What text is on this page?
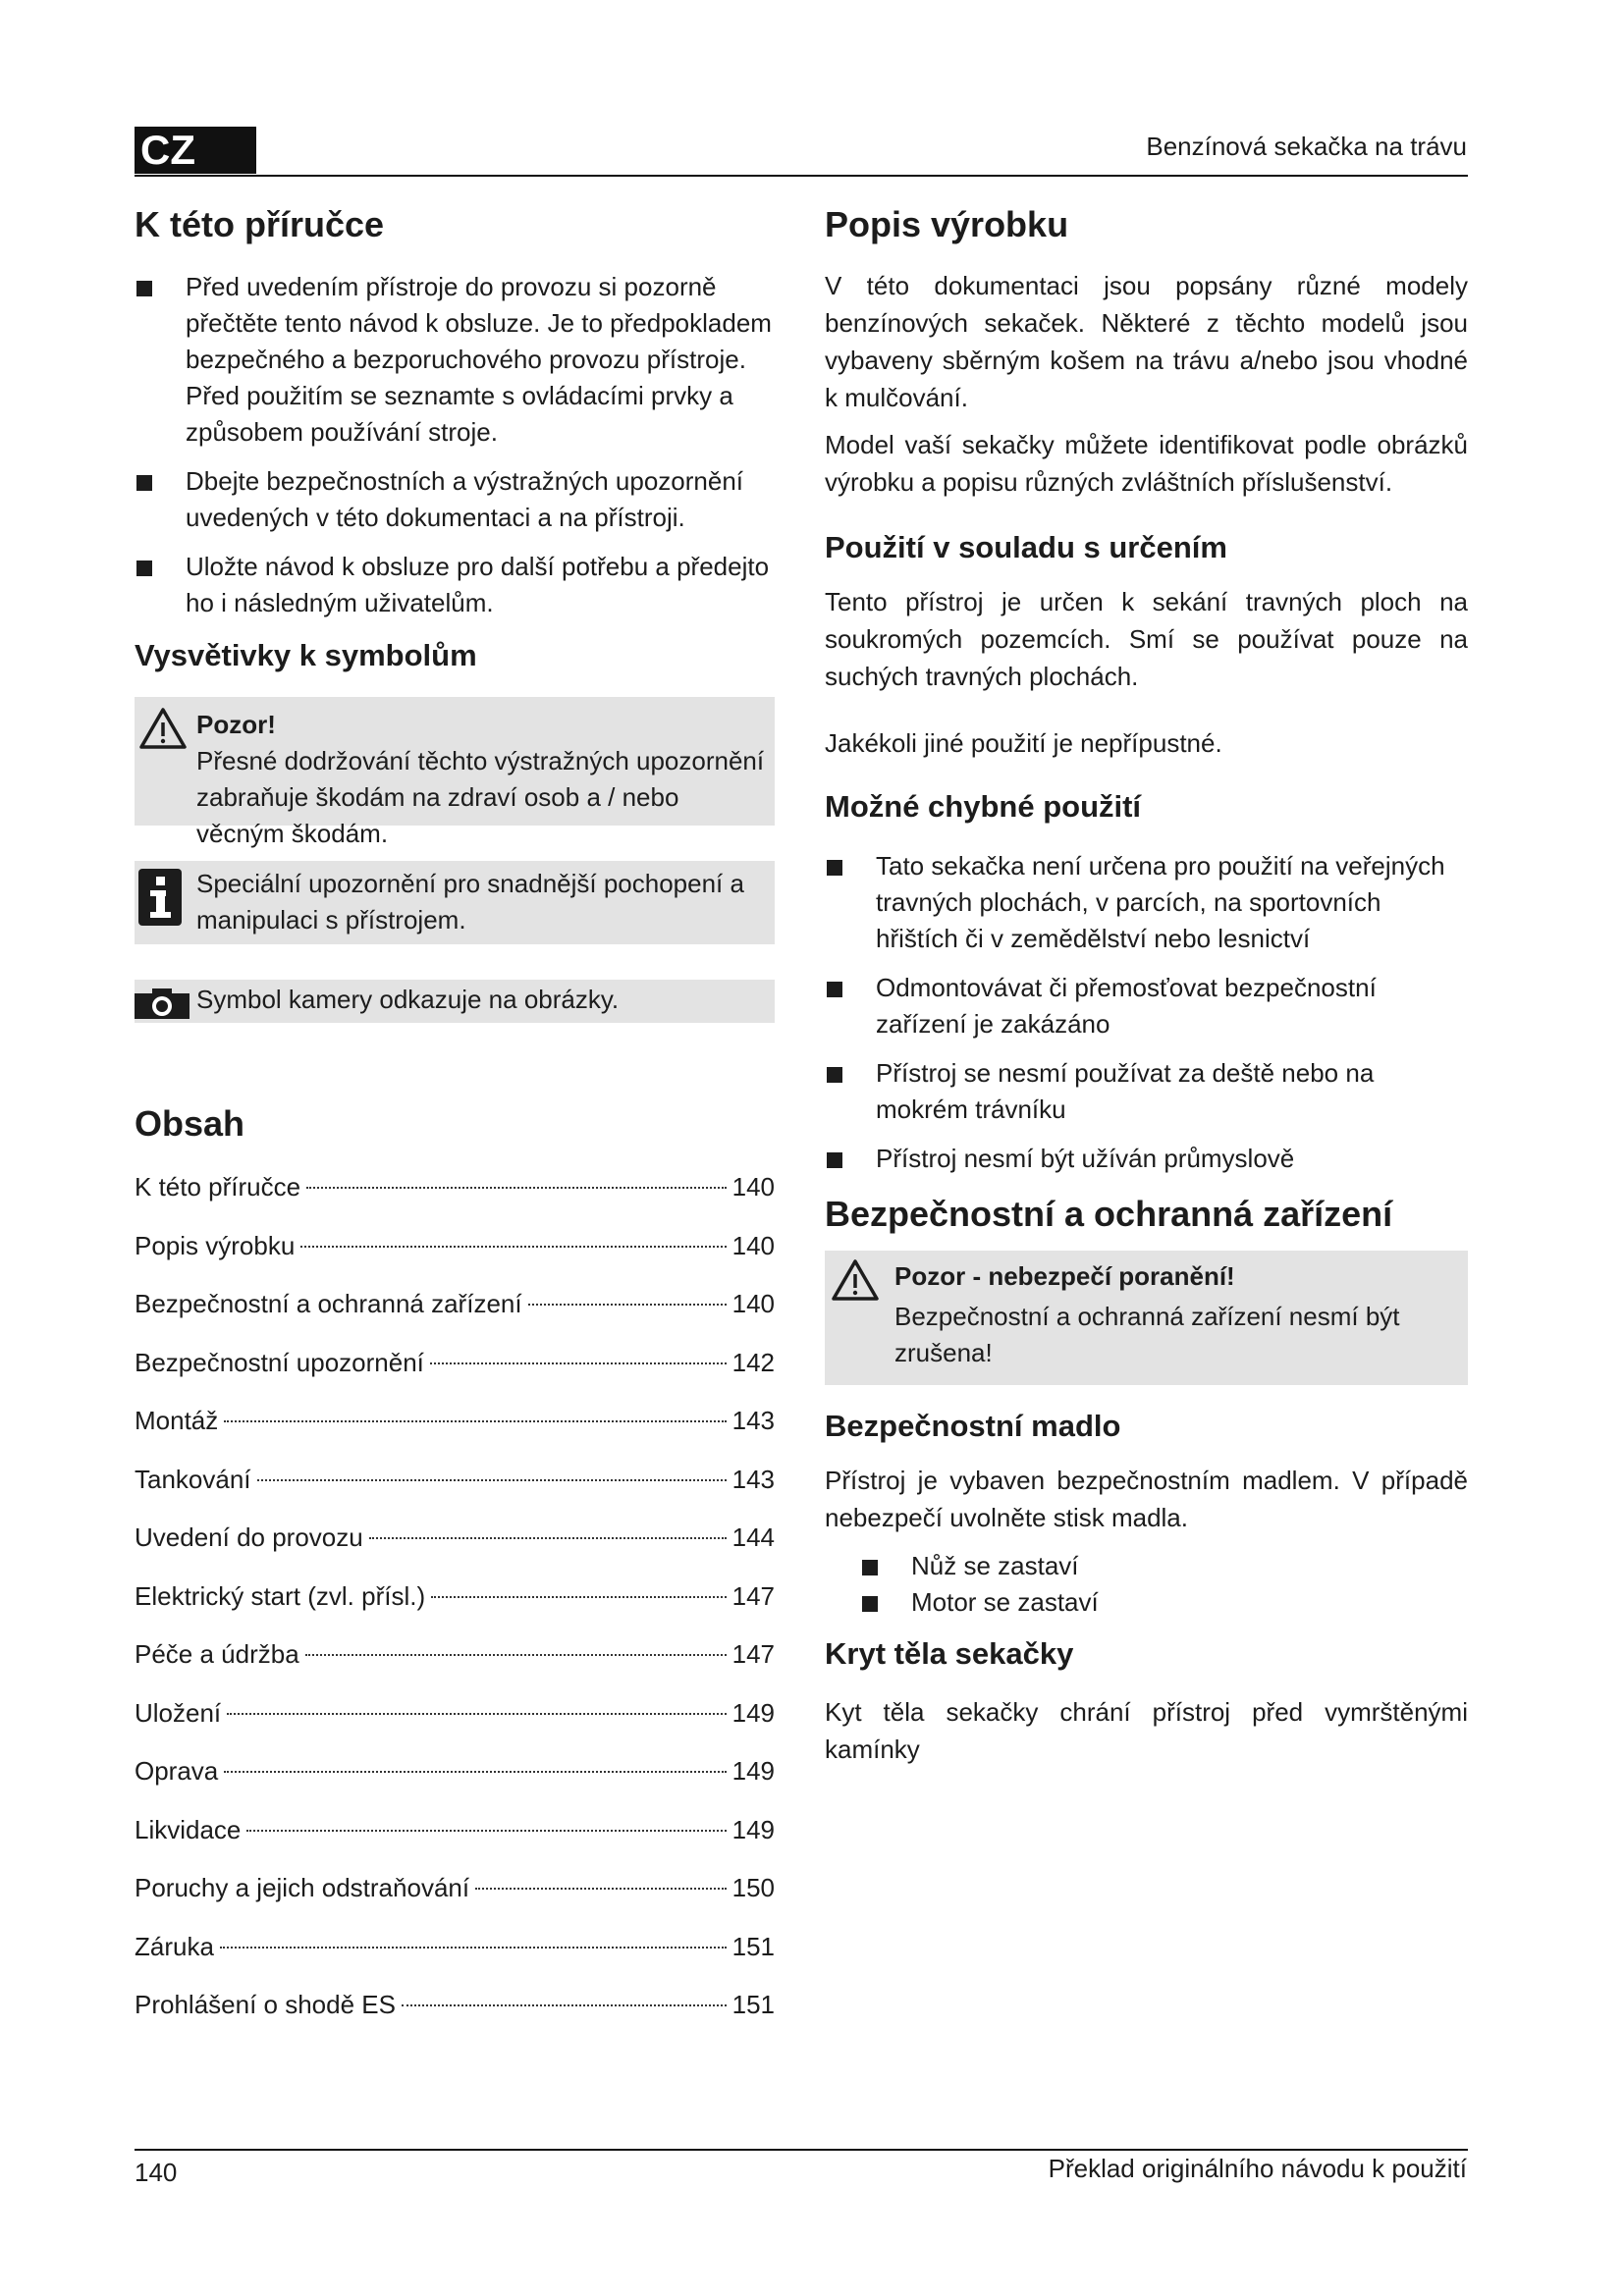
CZ	Benzínová sekačka na trávu
K této příručce
Před uvedením přístroje do provozu si pozorně přečtěte tento návod k obsluze. Je to předpokladem bezpečného a bezporuchového provozu přístroje. Před použitím se seznamte s ovládacími prvky a způsobem používání stroje.
Dbejte bezpečnostních a výstražných upozornění uvedených v této dokumentaci a na přístroji.
Uložte návod k obsluze pro další potřebu a předejto ho i následným uživatelům.
Vysvětivky k symbolům
Pozor!
Přesné dodržování těchto výstražných upozornění zabraňuje škodám na zdraví osob a / nebo věcným škodám.
Speciální upozornění pro snadnější pochopení a manipulaci s přístrojem.
Symbol kamery odkazuje na obrázky.
Obsah
K této příručce	140
Popis výrobku	140
Bezpečnostní a ochranná zařízení	140
Bezpečnostní upozornění	142
Montáž	143
Tankování	143
Uvedení do provozu	144
Elektrický start (zvl. přísl.)	147
Péče a údržba	147
Uložení	149
Oprava	149
Likvidace	149
Poruchy a jejich odstraňování	150
Záruka	151
Prohlášení o shodě ES	151
Popis výrobku

V této dokumentaci jsou popsány různé modely benzínových sekaček. Některé z těchto modelů jsou vybaveny sběrným košem na trávu a/nebo jsou vhodné k mulčování.

Model vaší sekačky můžete identifikovat podle obrázků výrobku a popisu různých zvláštních příslušenství.

Použití v souladu s určením

Tento přístroj je určen k sekání travných ploch na soukromých pozemcích. Smí se používat pouze na suchých travných plochách.

Jakékoli jiné použití je nepřípustné.

Možné chybné použití
Tato sekačka není určena pro použití na veřejných travných plochách, v parcích, na sportovních hřištích či v zemědělství nebo lesnictví
Odmontovávat či přemosťovat bezpečnostní zařízení je zakázáno
Přístroj se nesmí používat za deště nebo na mokrém trávníku
Přístroj nesmí být užíván průmyslově
Bezpečnostní a ochranná zařízení
Pozor - nebezpečí poranění!
Bezpečnostní a ochranná zařízení nesmí být zrušena!
Bezpečnostní madlo

Přístroj je vybaven bezpečnostním madlem. V případě nebezpečí uvolněte stisk madla.

Nůž se zastaví
Motor se zastaví
Kryt těla sekačky

Kyt těla sekačky chrání přístroj před vymrštěnými kamínky

140	Překlad originálního návodu k použití
